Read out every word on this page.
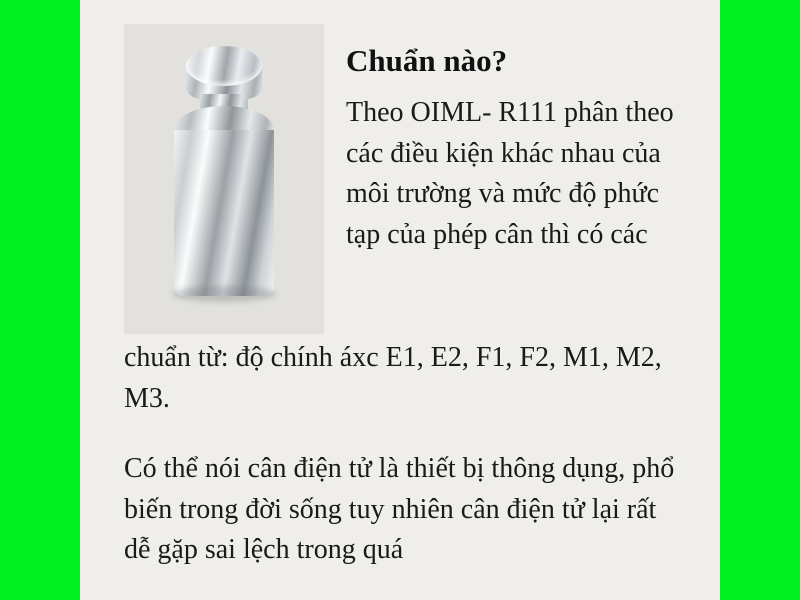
Chuẩn nào?

Theo OIML- R111 phân theo các điều kiện khác nhau của môi trường và mức độ phức tạp của phép cân thì có các

chuẩn từ: độ chính áxc E1, E2, F1, F2, M1, M2, M3.

Có thể nói cân điện tử là thiết bị thông dụng, phổ biến trong đời sống tuy nhiên cân điện tử lại rất dễ gặp sai lệch trong quá
